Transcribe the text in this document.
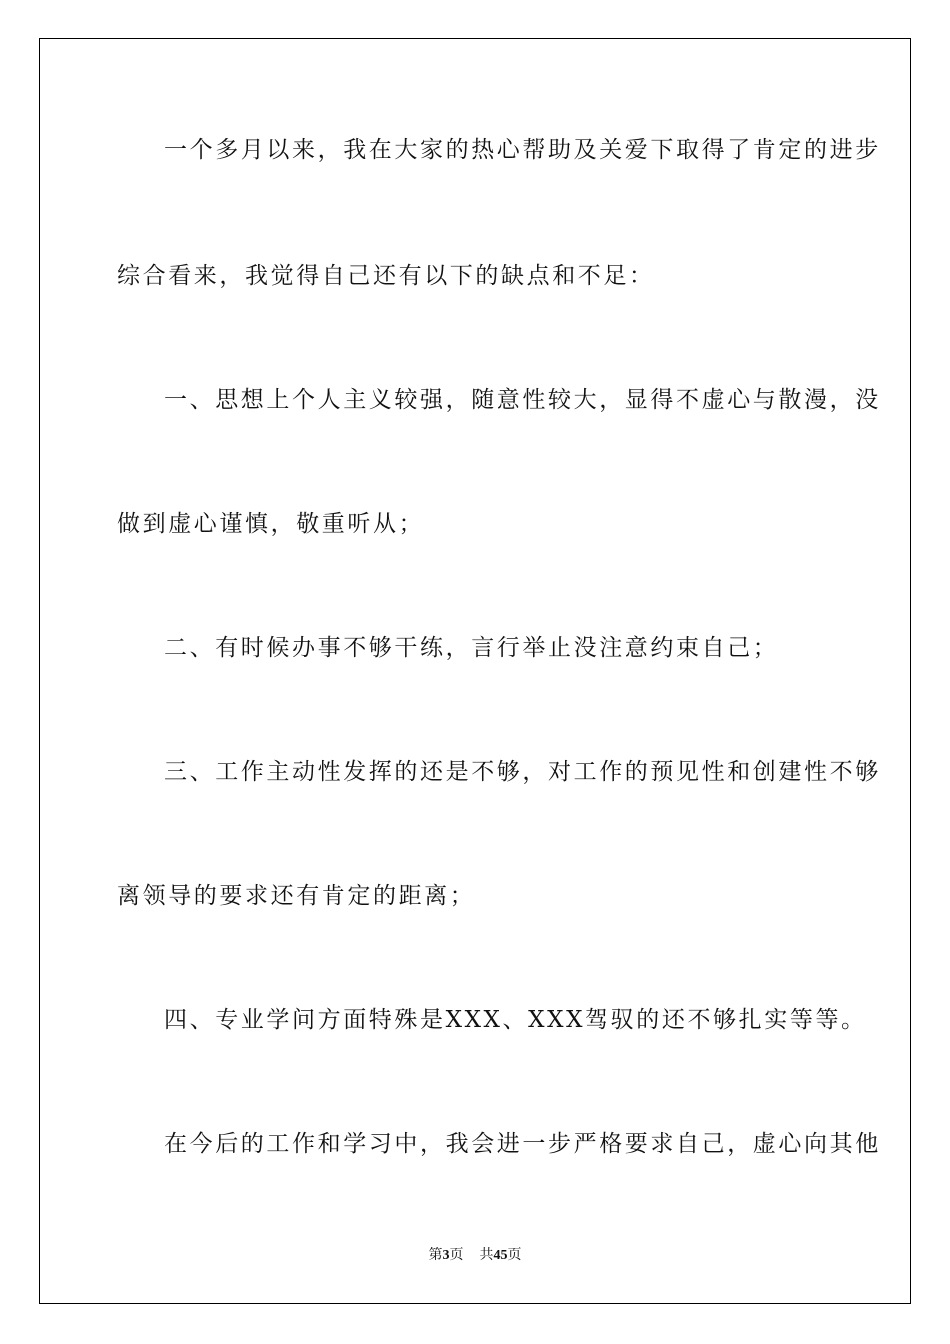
一个多月以来，我在大家的热心帮助及关爱下取得了肯定的进步
综合看来，我觉得自己还有以下的缺点和不足：
一、思想上个人主义较强，随意性较大，显得不虚心与散漫，没
做到虚心谨慎，敬重听从；
二、有时候办事不够干练，言行举止没注意约束自己；
三、工作主动性发挥的还是不够，对工作的预见性和创建性不够
离领导的要求还有肯定的距离；
四、专业学问方面特殊是XXX、XXX驾驭的还不够扎实等等。
在今后的工作和学习中，我会进一步严格要求自己，虚心向其他
第3页 共45页
